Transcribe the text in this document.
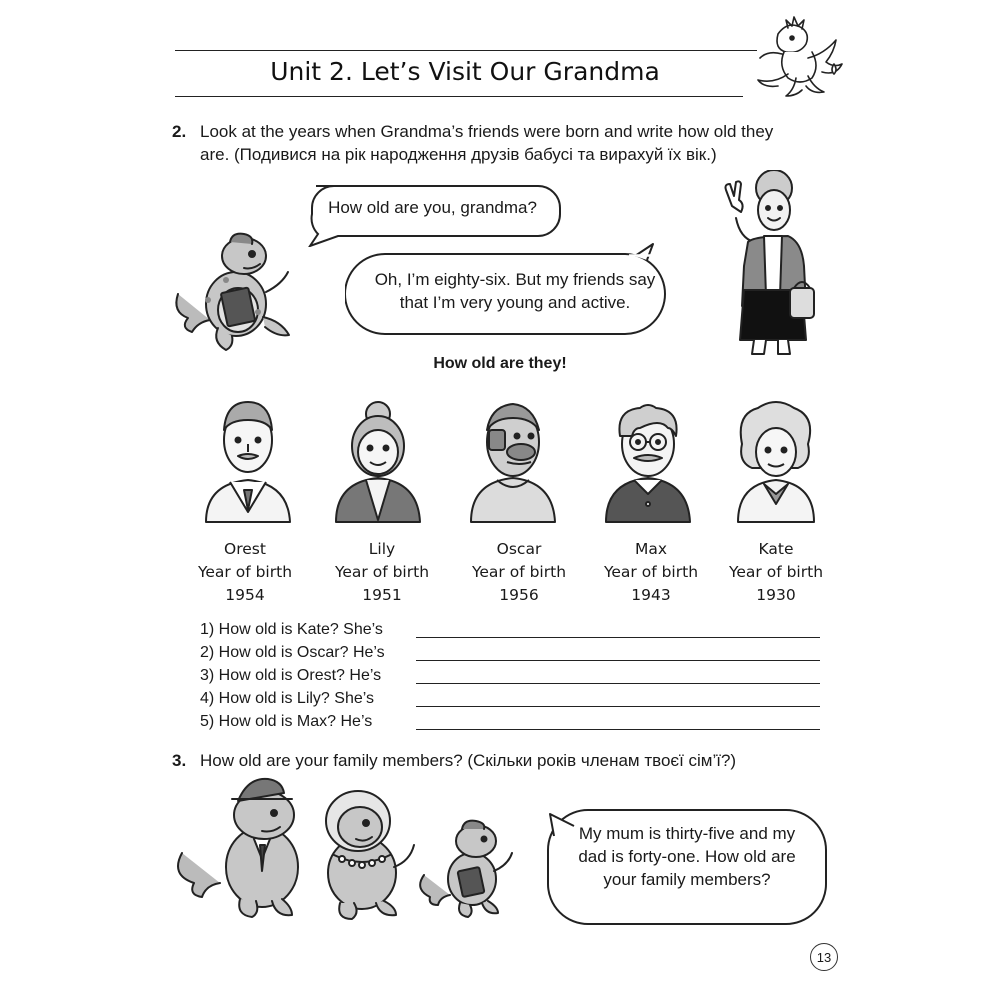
Unit 2. Let’s Visit Our Grandma
2. Look at the years when Grandma’s friends were born and write how old they
are. (Подивися на рік народження друзів бабусі та вирахуй їх вік.)
How old are you, grandma?
Oh, I’m eighty-six. But my friends say
that I’m very young and active.
How old are they!
Orest
Year of birth
1954
Lily
Year of birth
1951
Oscar
Year of birth
1956
Max
Year of birth
1943
Kate
Year of birth
1930
1) How old is Kate? She’s
2) How old is Oscar? He’s
3) How old is Orest? He’s
4) How old is Lily? She’s
5) How old is Max? He’s
3. How old are your family members? (Скільки років членам твоєї сім’ї?)
My mum is thirty-five and my
dad is forty-one. How old are
your family members?
13
